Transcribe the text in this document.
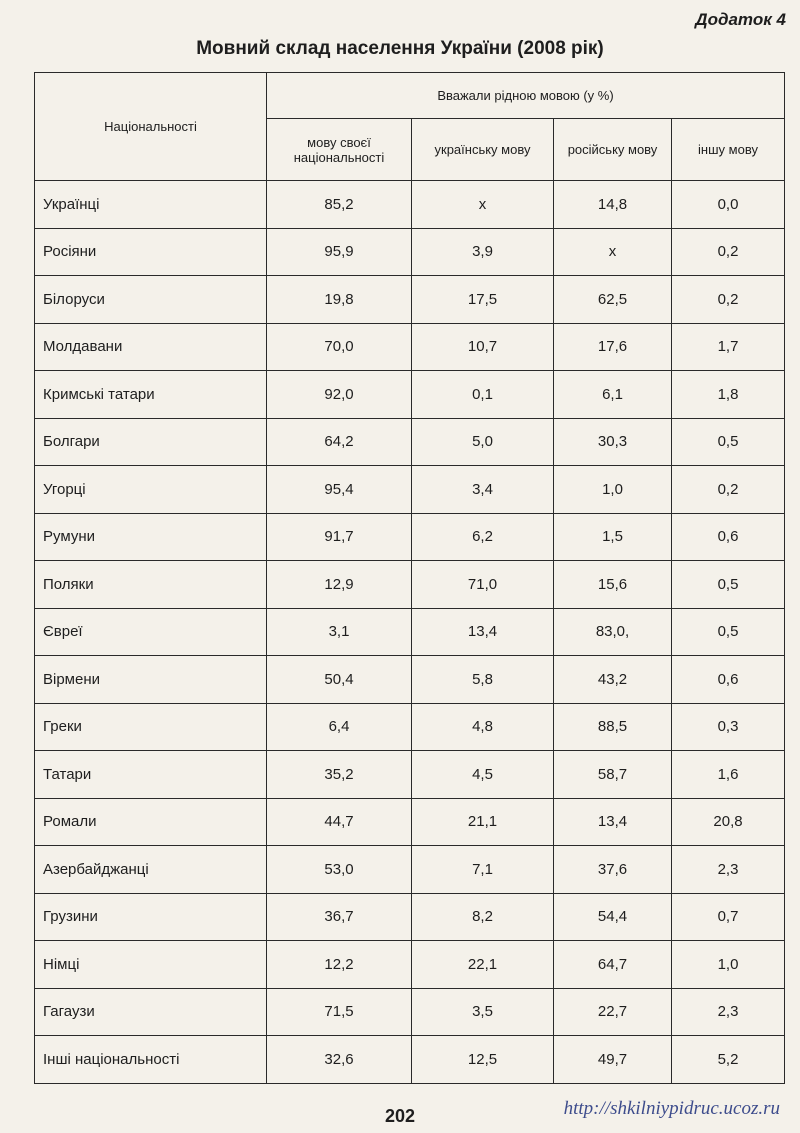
Додаток 4
Мовний склад населення України (2008 рік)
Національності	Вважали рідною мовою (у %)			
	мову своєї національності	українську мову	російську мову	іншу мову
Українці	85,2	х	14,8	0,0
Росіяни	95,9	3,9	х	0,2
Білоруси	19,8	17,5	62,5	0,2
Молдавани	70,0	10,7	17,6	1,7
Кримські татари	92,0	0,1	6,1	1,8
Болгари	64,2	5,0	30,3	0,5
Угорці	95,4	3,4	1,0	0,2
Румуни	91,7	6,2	1,5	0,6
Поляки	12,9	71,0	15,6	0,5
Євреї	3,1	13,4	83,0,	0,5
Вірмени	50,4	5,8	43,2	0,6
Греки	6,4	4,8	88,5	0,3
Татари	35,2	4,5	58,7	1,6
Ромали	44,7	21,1	13,4	20,8
Азербайджанці	53,0	7,1	37,6	2,3
Грузини	36,7	8,2	54,4	0,7
Німці	12,2	22,1	64,7	1,0
Гагаузи	71,5	3,5	22,7	2,3
Інші національності	32,6	12,5	49,7	5,2
202	http://shkilniypidruc.ucoz.ru
